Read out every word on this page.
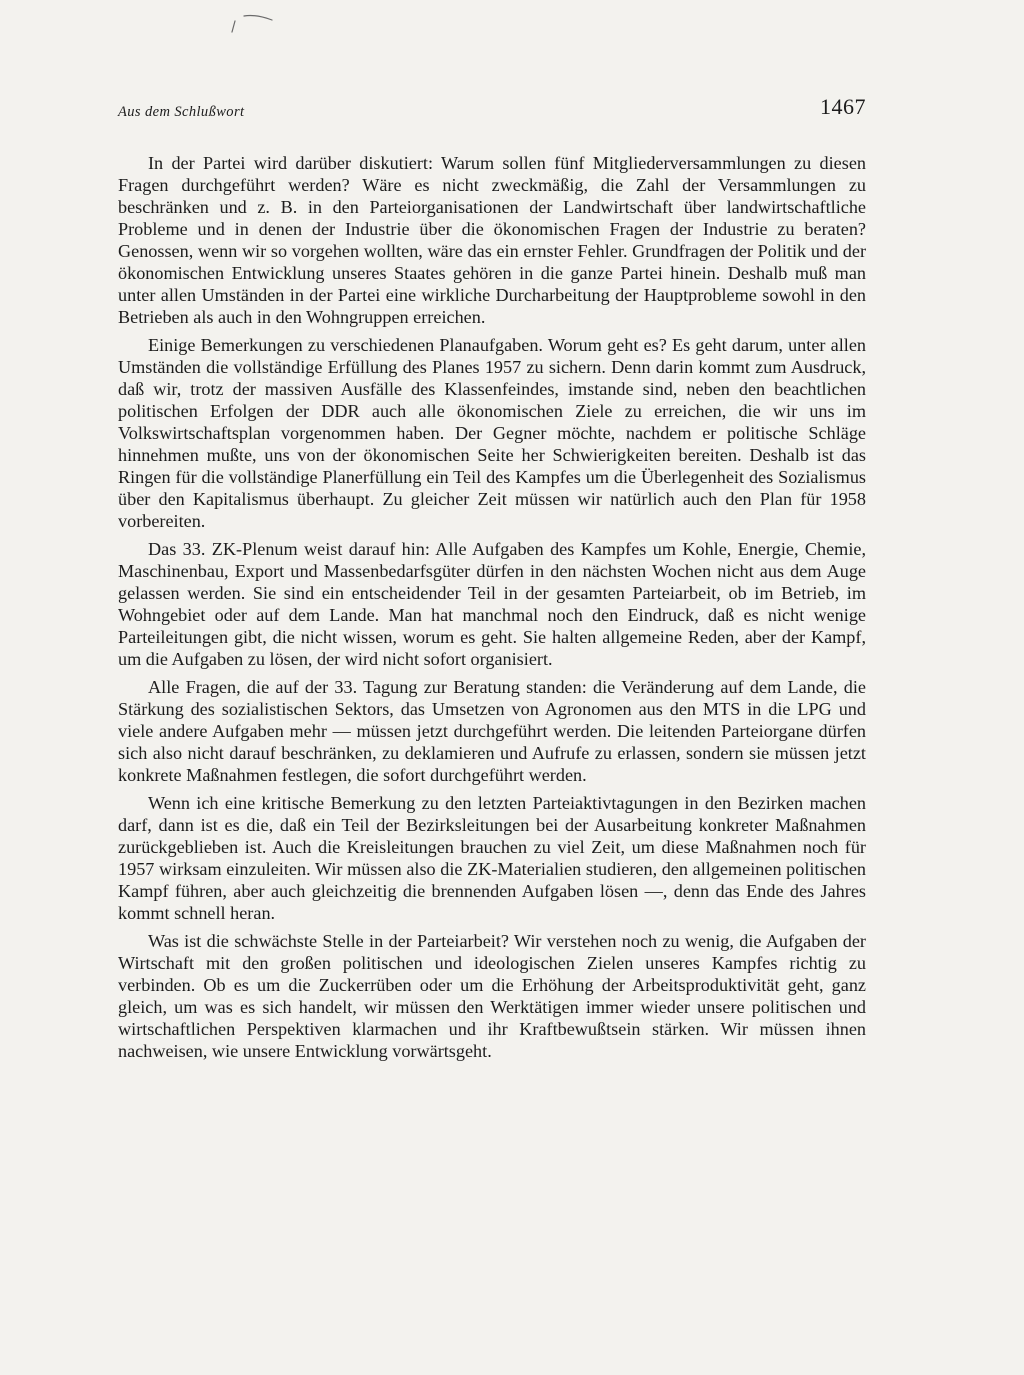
Aus dem Schlußwort	1467

In der Partei wird darüber diskutiert: Warum sollen fünf Mitgliederversammlungen zu diesen Fragen durchgeführt werden? Wäre es nicht zweckmäßig, die Zahl der Versammlungen zu beschränken und z. B. in den Parteiorganisationen der Landwirtschaft über landwirtschaftliche Probleme und in denen der Industrie über die ökonomischen Fragen der Industrie zu beraten? Genossen, wenn wir so vorgehen wollten, wäre das ein ernster Fehler. Grundfragen der Politik und der ökonomischen Entwicklung unseres Staates gehören in die ganze Partei hinein. Deshalb muß man unter allen Umständen in der Partei eine wirkliche Durcharbeitung der Hauptprobleme sowohl in den Betrieben als auch in den Wohngruppen erreichen.

Einige Bemerkungen zu verschiedenen Planaufgaben. Worum geht es? Es geht darum, unter allen Umständen die vollständige Erfüllung des Planes 1957 zu sichern. Denn darin kommt zum Ausdruck, daß wir, trotz der massiven Ausfälle des Klassenfeindes, imstande sind, neben den beachtlichen politischen Erfolgen der DDR auch alle ökonomischen Ziele zu erreichen, die wir uns im Volkswirtschaftsplan vorgenommen haben. Der Gegner möchte, nachdem er politische Schläge hinnehmen mußte, uns von der ökonomischen Seite her Schwierigkeiten bereiten. Deshalb ist das Ringen für die vollständige Planerfüllung ein Teil des Kampfes um die Überlegenheit des Sozialismus über den Kapitalismus überhaupt. Zu gleicher Zeit müssen wir natürlich auch den Plan für 1958 vorbereiten.

Das 33. ZK-Plenum weist darauf hin: Alle Aufgaben des Kampfes um Kohle, Energie, Chemie, Maschinenbau, Export und Massenbedarfsgüter dürfen in den nächsten Wochen nicht aus dem Auge gelassen werden. Sie sind ein entscheidender Teil in der gesamten Parteiarbeit, ob im Betrieb, im Wohngebiet oder auf dem Lande. Man hat manchmal noch den Eindruck, daß es nicht wenige Parteileitungen gibt, die nicht wissen, worum es geht. Sie halten allgemeine Reden, aber der Kampf, um die Aufgaben zu lösen, der wird nicht sofort organisiert.

Alle Fragen, die auf der 33. Tagung zur Beratung standen: die Veränderung auf dem Lande, die Stärkung des sozialistischen Sektors, das Umsetzen von Agronomen aus den MTS in die LPG und viele andere Aufgaben mehr — müssen jetzt durchgeführt werden. Die leitenden Parteiorgane dürfen sich also nicht darauf beschränken, zu deklamieren und Aufrufe zu erlassen, sondern sie müssen jetzt konkrete Maßnahmen festlegen, die sofort durchgeführt werden.

Wenn ich eine kritische Bemerkung zu den letzten Parteiaktivtagungen in den Bezirken machen darf, dann ist es die, daß ein Teil der Bezirksleitungen bei der Ausarbeitung konkreter Maßnahmen zurückgeblieben ist. Auch die Kreisleitungen brauchen zu viel Zeit, um diese Maßnahmen noch für 1957 wirksam einzuleiten. Wir müssen also die ZK-Materialien studieren, den allgemeinen politischen Kampf führen, aber auch gleichzeitig die brennenden Aufgaben lösen —, denn das Ende des Jahres kommt schnell heran.

Was ist die schwächste Stelle in der Parteiarbeit? Wir verstehen noch zu wenig, die Aufgaben der Wirtschaft mit den großen politischen und ideologischen Zielen unseres Kampfes richtig zu verbinden. Ob es um die Zuckerrüben oder um die Erhöhung der Arbeitsproduktivität geht, ganz gleich, um was es sich handelt, wir müssen den Werktätigen immer wieder unsere politischen und wirtschaftlichen Perspektiven klarmachen und ihr Kraftbewußtsein stärken. Wir müssen ihnen nachweisen, wie unsere Entwicklung vorwärtsgeht.
